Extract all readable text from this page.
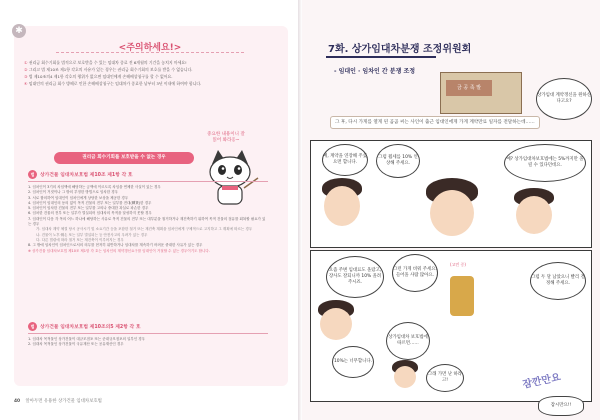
✱
<주의하세요!>
① 권리금 회수기회를 법적으로 보호받을 수 있는 임대차 종료 전 6개월의 기간을 놓치지 마세요!
② 그리고 법 제10조 제1항 각호의 사유가 있는 경우는 권리금 회수기회의 보호를 받을 수 없습니다.
③ 법 제10조의4 제1항 각호의 행위가 없으면 임대인에게 손해배상청구를 할 수 없어요.
④ 임대인의 권리금 회수 방해로 인한 손해배상청구는 임대차가 종료한 날부터 3년 이내에 하여야 합니다.
중요한 내용이니 잘 읽어 봐라옹~
권리금 회수기회를 보호받을 수 없는 경우
법	상가건물 임대차보호법 제10조 제1항 각 호
1. 임차인이 3기의 차임액에 해당하는 금액에 이르도록 차임을 연체한 사실이 있는 경우
2. 임차인이 거짓이나 그 밖의 부정한 방법으로 임차한 경우
3. 서로 합의하여 임대인이 임차인에게 상당한 보상을 제공한 경우
4. 임차인이 임대인의 동의 없이 목적 건물의 전부 또는 일부를 전대(轉貸)한 경우
5. 임차인이 임차한 건물의 전부 또는 일부를 고의나 중대한 과실로 파손한 경우
6. 임차한 건물의 전부 또는 일부가 멸실되어 임대차의 목적을 달성하지 못할 경우
7. 임대인이 다음 각 목의 어느 하나에 해당하는 사유로 목적 건물의 전부 또는 대부분을 철거하거나 재건축하기 위하여 목적 건물의 점유를 회복할 필요가 있는 경우
가. 임대차 계약 체결 당시 공사시기 및 소요기간 등을 포함한 철거 또는 재건축 계획을 임차인에게 구체적으로 고지하고 그 계획에 따르는 경우
나. 건물이 노후·훼손 또는 일부 멸실되는 등 안전사고의 우려가 있는 경우
다. 다른 법령에 따라 철거 또는 재건축이 이루어지는 경우
8. 그 밖에 임차인이 임차인으로서의 의무를 현저히 위반하거나 임대차를 계속하기 어려운 중대한 사유가 있는 경우
※ 상가건물 임대차보호법 제10조 제1항 각 호는 임차인의 계약갱신요구를 임대인이 거절할 수 있는 경우이기도 합니다.
법	상가건물 임대차보호법 제10조의5 제2항 각 호
1. 임대차 목적물인 상가건물이 대규모점포 또는 준대규모점포의 일부인 경우
2. 임대차 목적물인 상가건물이 국유재산 또는 공유재산인 경우
40 알아두면 유용한 상가건물 임대차보호법
7화. 상가임대차분쟁 조정위원회
- 임대인 · 임차인 간 분쟁 조정
금 공 족 발
상가임대 계약갱신을 원하신다고요?
그 후, 다시 가게를 열게 된 곰곰 씨는 사인이 출근 임대인에게 가게 계약만료 일자를 전달하는데……
예, 계약을 연장해 주셨으면 합니다.
그럼 월세를 10% 인상해 주세요.
예? 상가임대차보호법에는 5%까지만 올릴 수 있다던데요.
요즘 주변 임대료도 올랐고, 장사도 잘되니까 10% 올려 주시죠.
그런 가게 비워 주세요. 들어올 사람 많아요.
(고민 중)
그럼 두 달 남았으니 빨리 결정해 주세요.
10%는 너무합니다.
상가임대차 보호법에 따르면……
그래 가면 난 하라고!
잠시만요!!
잠깐만요
